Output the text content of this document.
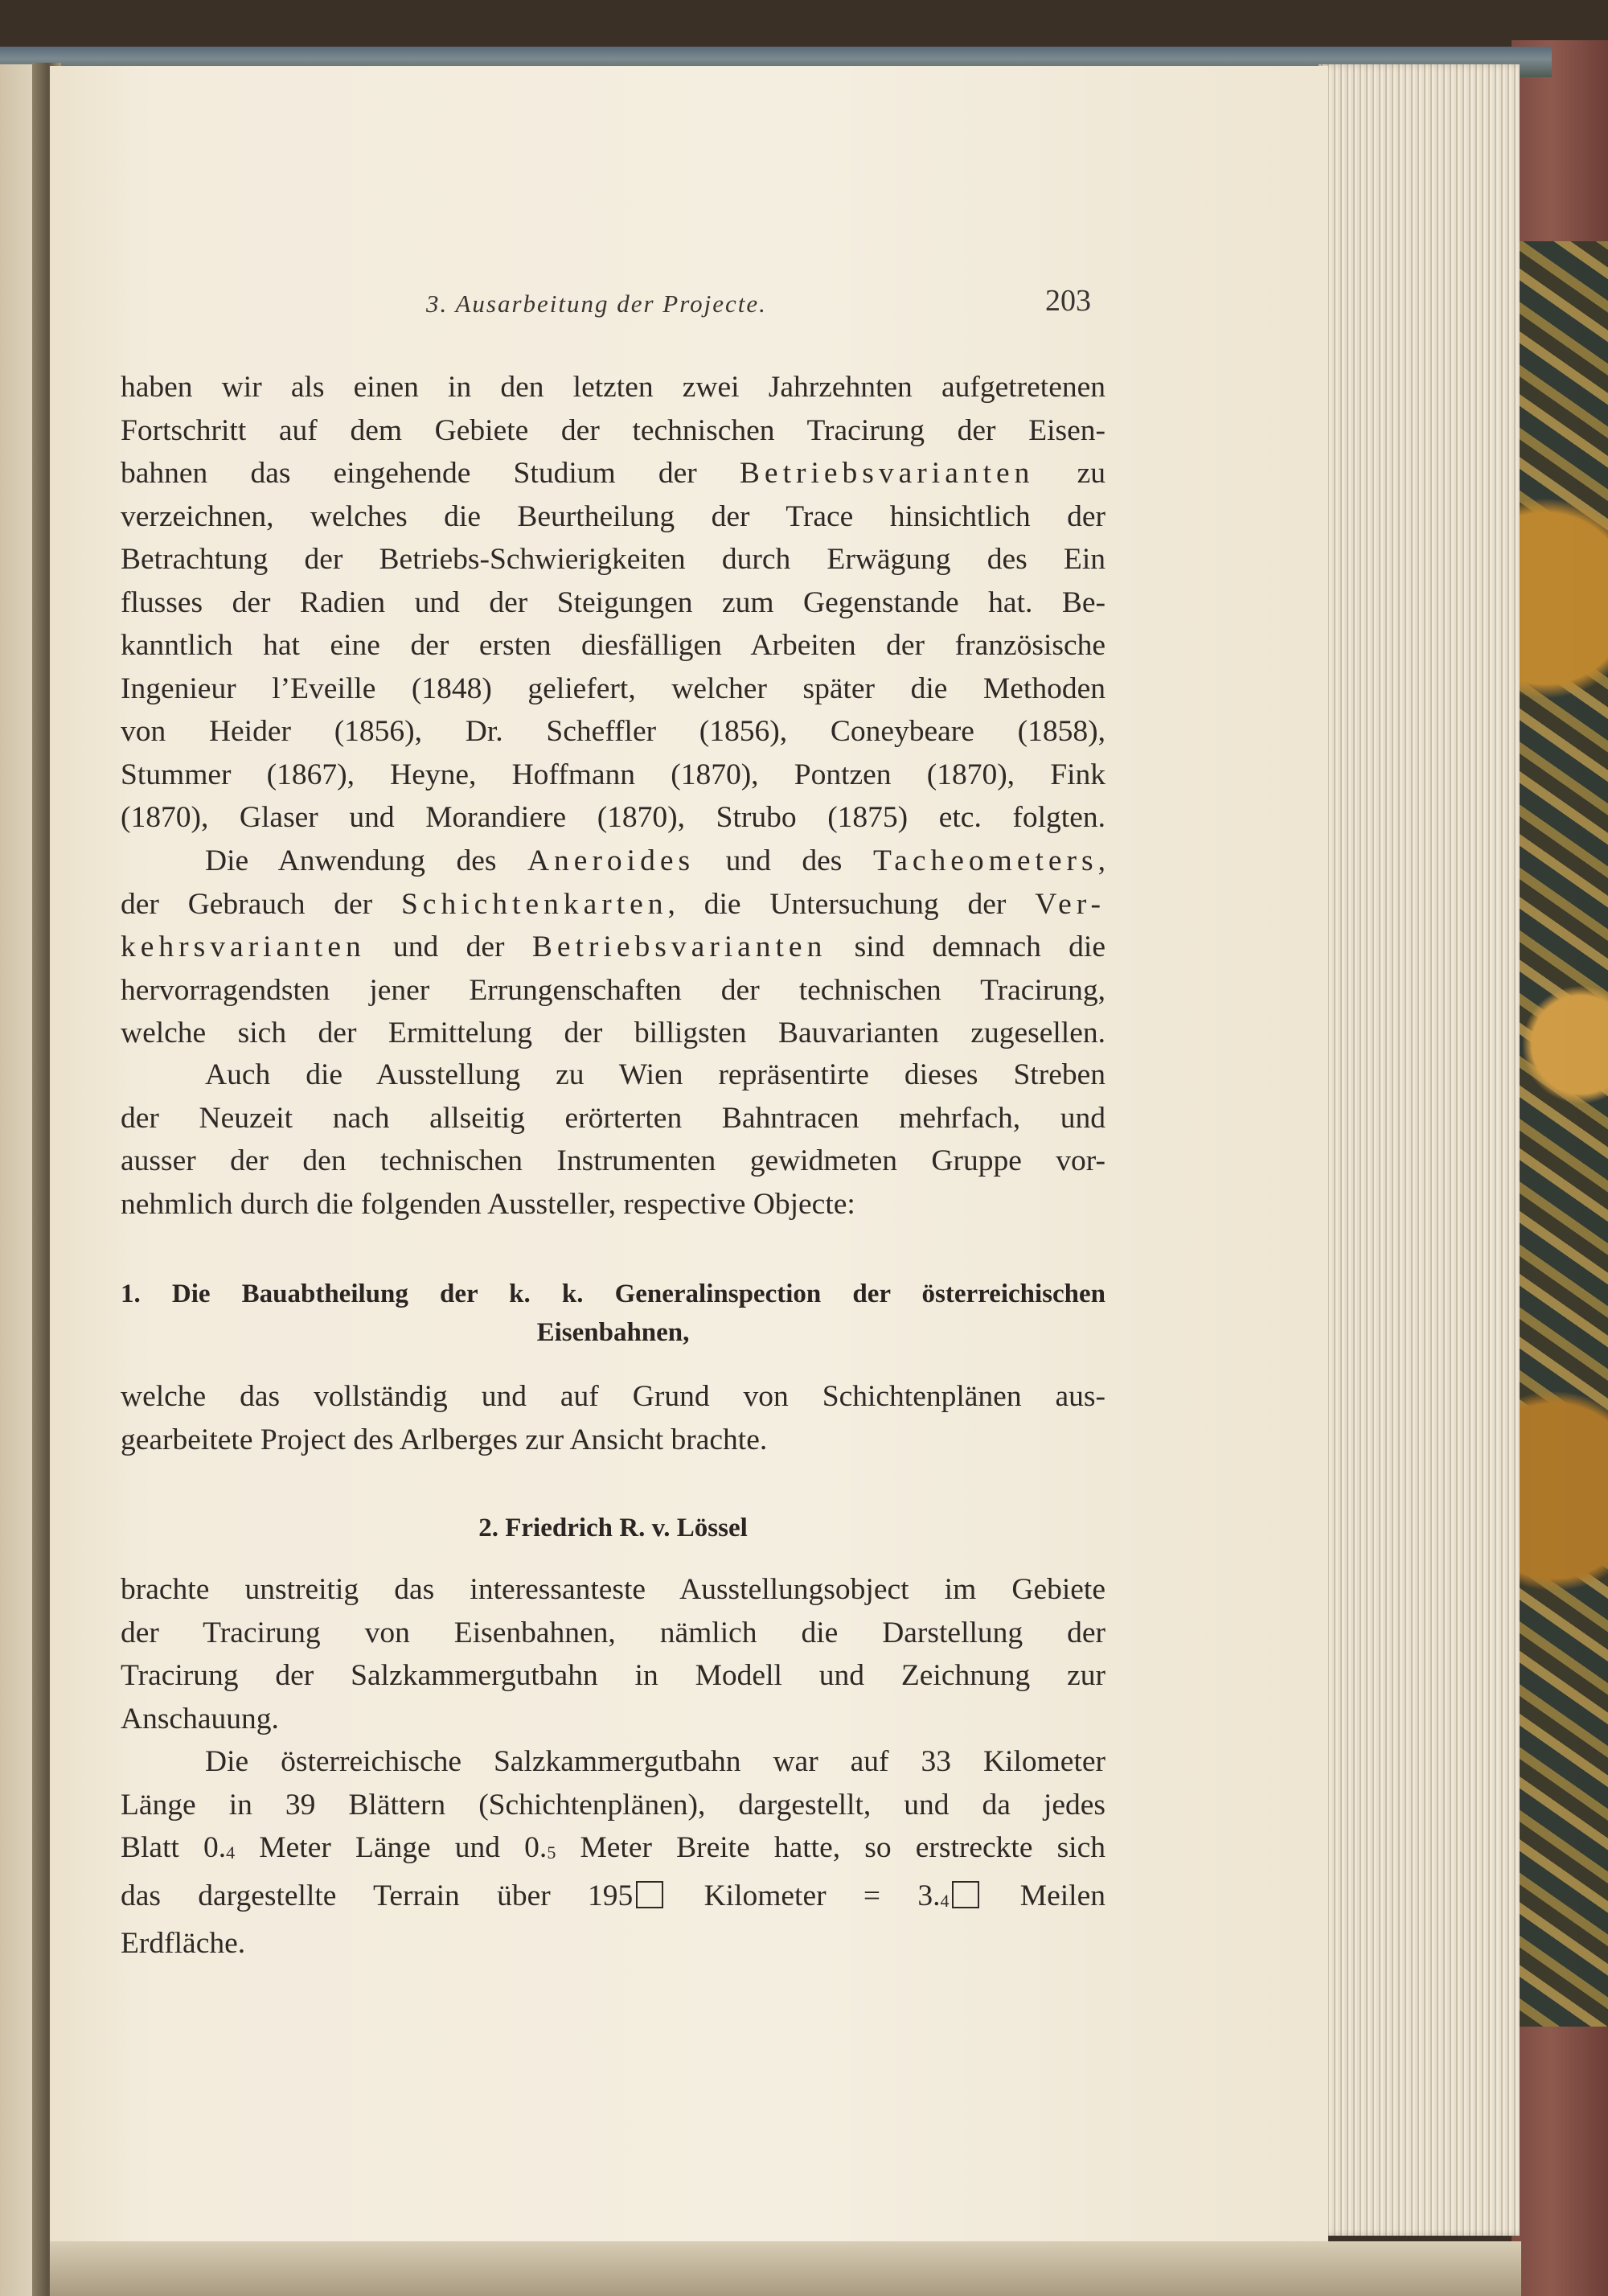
3. Ausarbeitung der Projecte.	203
haben wir als einen in den letzten zwei Jahrzehnten aufgetretenen
Fortschritt auf dem Gebiete der technischen Tracirung der Eisen-
bahnen das eingehende Studium der Betriebsvarianten zu
verzeichnen, welches die Beurtheilung der Trace hinsichtlich der
Betrachtung der Betriebs-Schwierigkeiten durch Erwägung des Ein
flusses der Radien und der Steigungen zum Gegenstande hat. Be-
kanntlich hat eine der ersten diesfälligen Arbeiten der französische
Ingenieur l’Eveille (1848) geliefert, welcher später die Methoden
von Heider (1856), Dr. Scheffler (1856), Coneybeare (1858),
Stummer (1867), Heyne, Hoffmann (1870), Pontzen (1870), Fink
(1870), Glaser und Morandiere (1870), Strubo (1875) etc. folgten.
Die Anwendung des Aneroides und des Tacheometers,
der Gebrauch der Schichtenkarten, die Untersuchung der Ver-
kehrsvarianten und der Betriebsvarianten sind demnach die
hervorragendsten jener Errungenschaften der technischen Tracirung,
welche sich der Ermittelung der billigsten Bauvarianten zugesellen.
Auch die Ausstellung zu Wien repräsentirte dieses Streben
der Neuzeit nach allseitig erörterten Bahntracen mehrfach, und
ausser der den technischen Instrumenten gewidmeten Gruppe vor-
nehmlich durch die folgenden Aussteller, respective Objecte:
1. Die Bauabtheilung der k. k. Generalinspection der österreichischen
Eisenbahnen,
welche das vollständig und auf Grund von Schichtenplänen aus-
gearbeitete Project des Arlberges zur Ansicht brachte.
2. Friedrich R. v. Lössel
brachte unstreitig das interessanteste Ausstellungsobject im Gebiete
der Tracirung von Eisenbahnen, nämlich die Darstellung der
Tracirung der Salzkammergutbahn in Modell und Zeichnung zur
Anschauung.
Die österreichische Salzkammergutbahn war auf 33 Kilometer
Länge in 39 Blättern (Schichtenplänen), dargestellt, und da jedes
Blatt $0._4$ Meter Länge und $0._5$ Meter Breite hatte, so erstreckte sich
das dargestellte Terrain über 195 Kilometer = $3._4$ Meilen
Erdfläche.
